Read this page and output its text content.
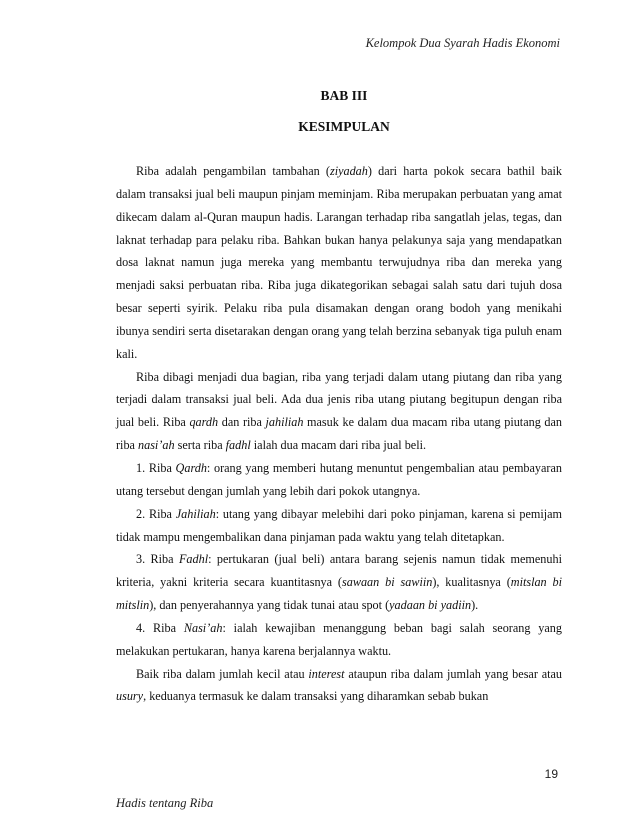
Kelompok Dua Syarah Hadis Ekonomi
BAB III
KESIMPULAN

Riba adalah pengambilan tambahan (ziyadah) dari harta pokok secara bathil baik dalam transaksi jual beli maupun pinjam meminjam. Riba merupakan perbuatan yang amat dikecam dalam al-Quran maupun hadis. Larangan terhadap riba sangatlah jelas, tegas, dan laknat terhadap para pelaku riba. Bahkan bukan hanya pelakunya saja yang mendapatkan dosa laknat namun juga mereka yang membantu terwujudnya riba dan mereka yang menjadi saksi perbuatan riba. Riba juga dikategorikan sebagai salah satu dari tujuh dosa besar seperti syirik. Pelaku riba pula disamakan dengan orang bodoh yang menikahi ibunya sendiri serta disetarakan dengan orang yang telah berzina sebanyak tiga puluh enam kali.

Riba dibagi menjadi dua bagian, riba yang terjadi dalam utang piutang dan riba yang terjadi dalam transaksi jual beli. Ada dua jenis riba utang piutang begitupun dengan riba jual beli. Riba qardh dan riba jahiliah masuk ke dalam dua macam riba utang piutang dan riba nasi’ah serta riba fadhl ialah dua macam dari riba jual beli.

1. Riba Qardh: orang yang memberi hutang menuntut pengembalian atau pembayaran utang tersebut dengan jumlah yang lebih dari pokok utangnya.

2. Riba Jahiliah: utang yang dibayar melebihi dari poko pinjaman, karena si pemijam tidak mampu mengembalikan dana pinjaman pada waktu yang telah ditetapkan.

3. Riba Fadhl: pertukaran (jual beli) antara barang sejenis namun tidak memenuhi kriteria, yakni kriteria secara kuantitasnya (sawaan bi sawiin), kualitasnya (mitslan bi mitslin), dan penyerahannya yang tidak tunai atau spot (yadaan bi yadiin).

4. Riba Nasi’ah: ialah kewajiban menanggung beban bagi salah seorang yang melakukan pertukaran, hanya karena berjalannya waktu.

Baik riba dalam jumlah kecil atau interest ataupun riba dalam jumlah yang besar atau usury, keduanya termasuk ke dalam transaksi yang diharamkan sebab bukan

19
Hadis tentang Riba
